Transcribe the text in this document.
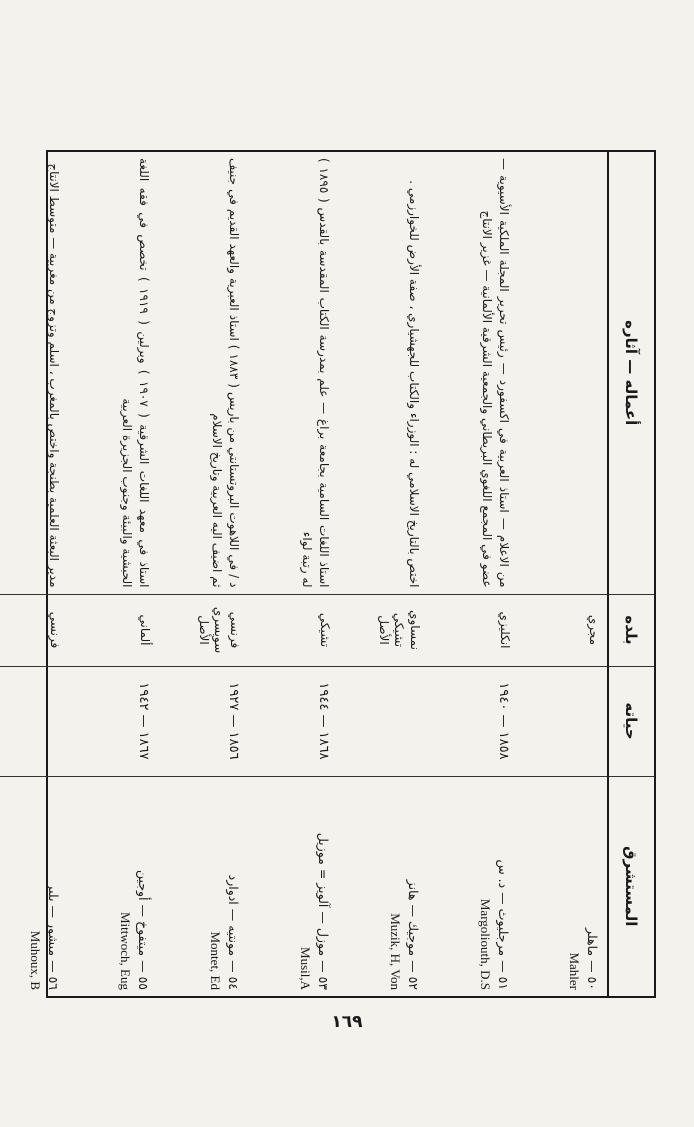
المستشرق	حياته	بلده	أعماله — آثاره

٥٠ — ماهلر
Mahler		مجري	

٥١ — مرجليوث — د. س
Margoliouth, D.S	١٨٥٨ — ١٩٤٠	انكليزي	من الاعلام — استاذ العربية في اكسفورد — رئيس تحرير المجلة الملكية الأسيوية — عضو في المجمع اللغوي البريطاني والجمعية الشرقية الألمانية — غزير الانتاج

٥٢ — موجيك — هانز
Muzik, H, Von		نمساوي تشيكي الأصل	اختص بالتاريخ الاسلامي له : الوزراء والكتاب للجهشياري ، صفة الأرض للخوارزمي .

٥٣ — موزل — آلويز = موزيل
Musil,A	١٨٦٨ — ١٩٤٤	تشيكي	استاذ اللغات السامية بجامعة براغ — علم بمدرسة الكتاب المقدسة بالقدس ( ١٨٩٥ ) له رتبة لواء

٥٤ — مونتيه — ادوارد
Montet, Ed	١٨٥٦ — ١٩٢٧	فرنسي سويسري الأصل	د / في اللاهوت البروتستانتي من باريس ( ١٨٨٣ ) استاذ العبرية والعهد القديم في جنيف ثم اضيف اليه العربية وتاريخ الاسلام

٥٥ — ميتفوخ — أوجين
Mittwoch, Eug	١٨٦٧ — ١٩٤٢	ألماني	استاذ في معهد اللغات الشرقية ( ١٩٠٧ ) وبرلين ( ١٩١٩ ) تخصص في فقه اللغة الحبشية والبيئة وجنوب الجزيرة العربية

٥٦ — ميشور — بلير
Muhoux, B		فرنسي	مدير البعثة العلمية بطنجة واختص بالمغرب ، اسلم وتزوج من مغربية — متوسط الانتاج

١٦٩
